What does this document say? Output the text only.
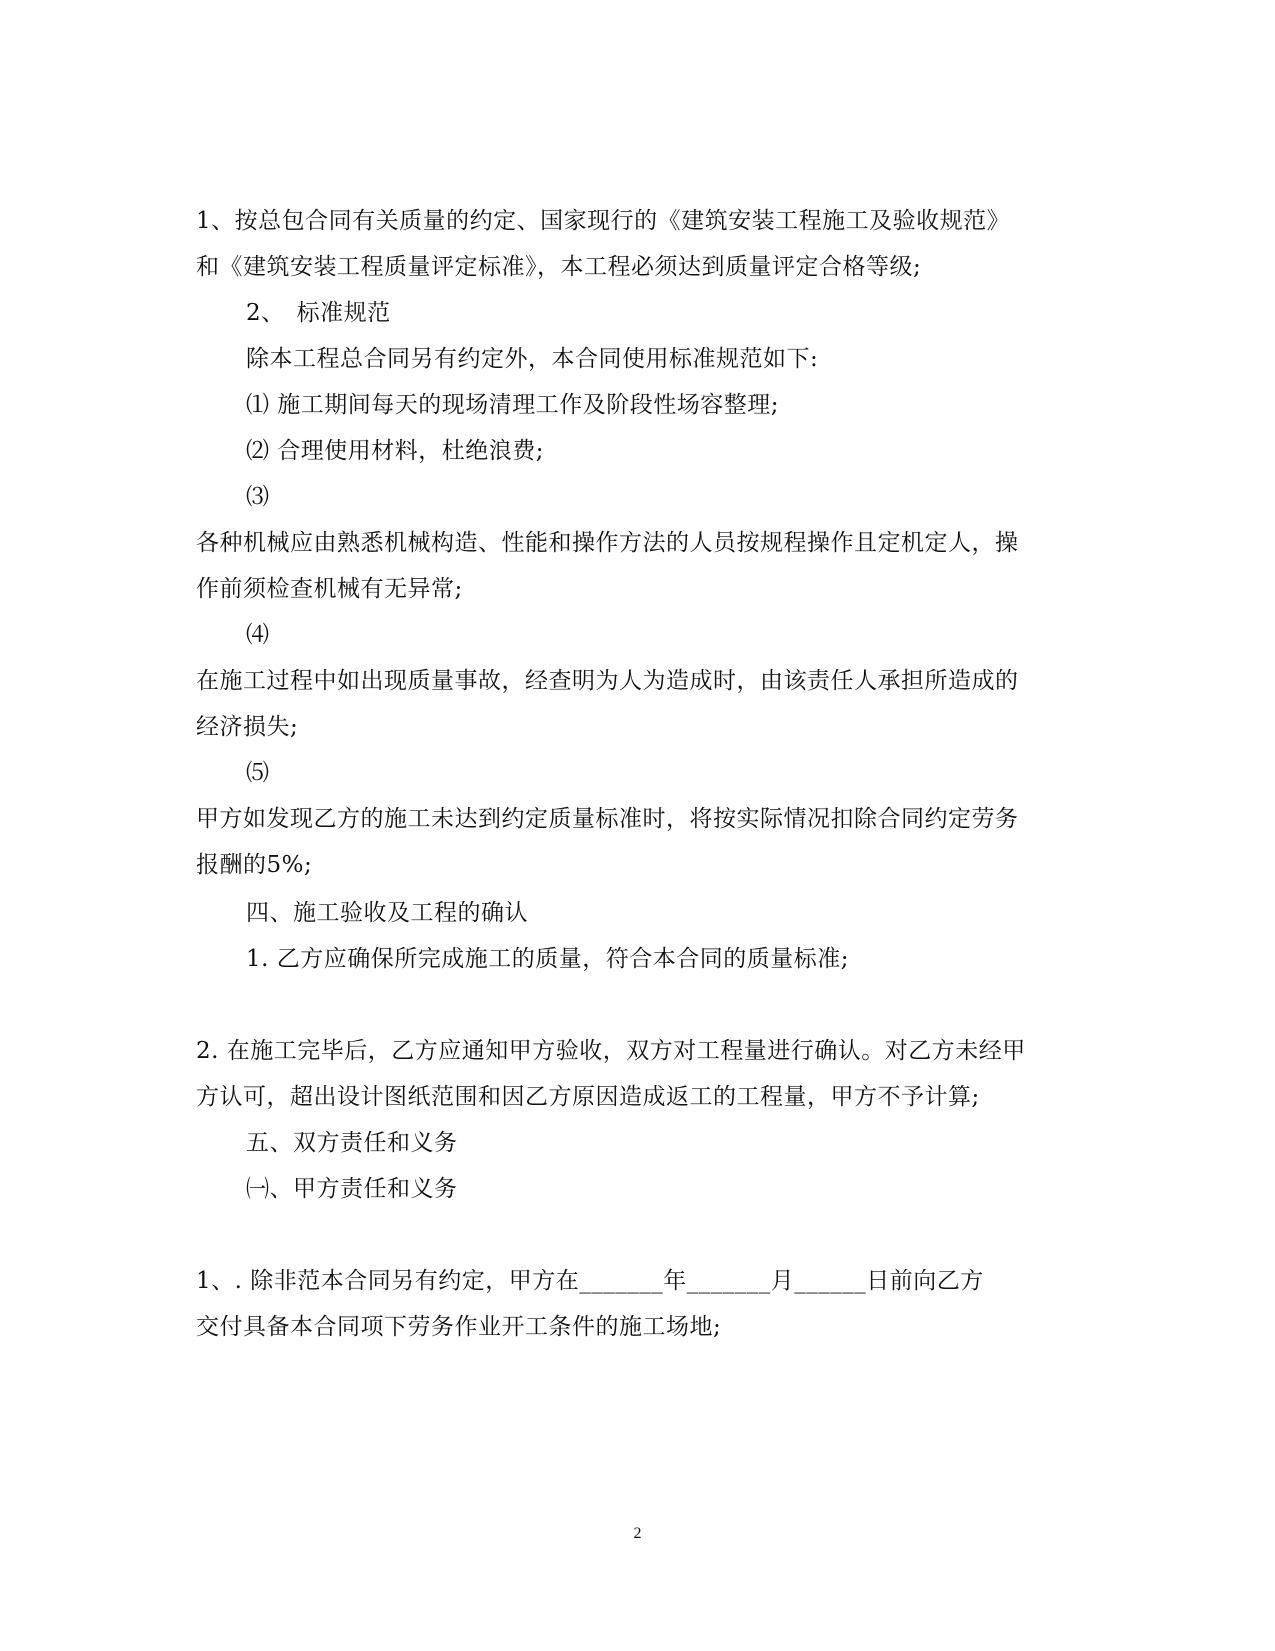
1、按总包合同有关质量的约定、国家现行的《建筑安装工程施工及验收规范》
和《建筑安装工程质量评定标准》，本工程必须达到质量评定合格等级;
2、　标准规范
除本工程总合同另有约定外，本合同使用标准规范如下:
⑴ 施工期间每天的现场清理工作及阶段性场容整理;
⑵ 合理使用材料，杜绝浪费;
⑶
各种机械应由熟悉机械构造、性能和操作方法的人员按规程操作且定机定人，操
作前须检查机械有无异常;
⑷
在施工过程中如出现质量事故，经查明为人为造成时，由该责任人承担所造成的
经济损失;
⑸
甲方如发现乙方的施工未达到约定质量标准时，将按实际情况扣除合同约定劳务
报酬的5%;
四、施工验收及工程的确认
1. 乙方应确保所完成施工的质量，符合本合同的质量标准;
2. 在施工完毕后，乙方应通知甲方验收，双方对工程量进行确认。对乙方未经甲
方认可，超出设计图纸范围和因乙方原因造成返工的工程量，甲方不予计算;
五、双方责任和义务
㈠、甲方责任和义务
1、. 除非范本合同另有约定，甲方在_______年_______月______日前向乙方
交付具备本合同项下劳务作业开工条件的施工场地;
2
